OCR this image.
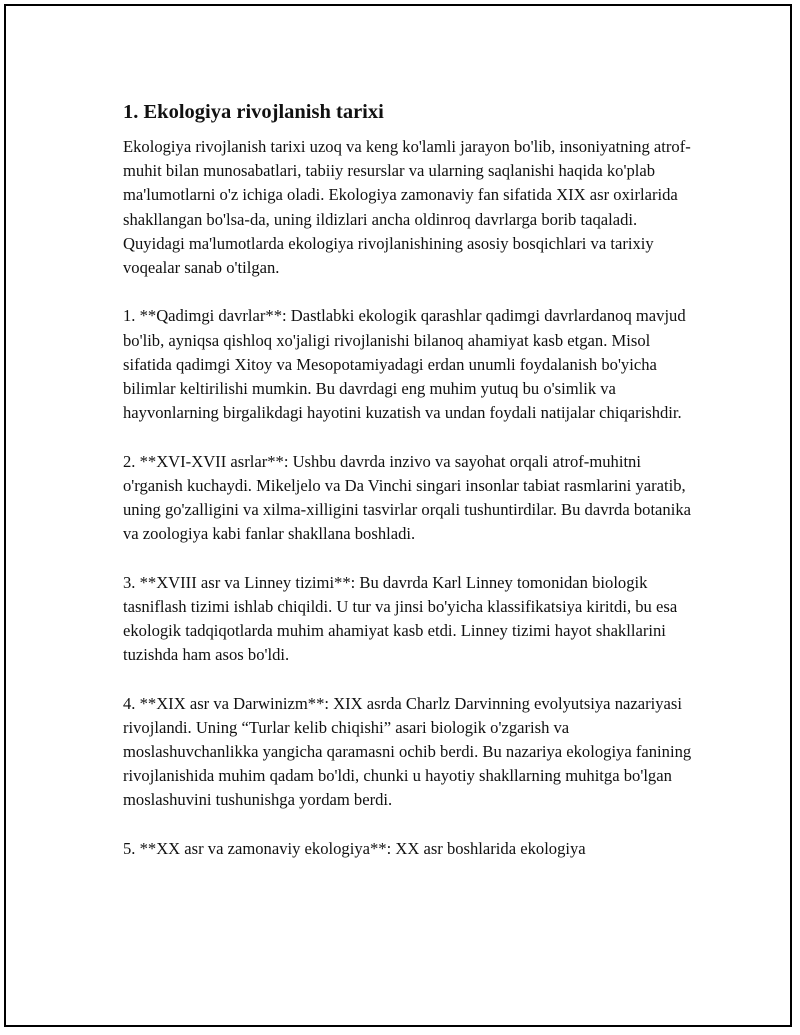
1. Ekologiya rivojlanish tarixi

Ekologiya rivojlanish tarixi uzoq va keng ko'lamli jarayon bo'lib, insoniyatning atrof-muhit bilan munosabatlari, tabiiy resurslar va ularning saqlanishi haqida ko'plab ma'lumotlarni o'z ichiga oladi. Ekologiya zamonaviy fan sifatida XIX asr oxirlarida shakllangan bo'lsa-da, uning ildizlari ancha oldinroq davrlarga borib taqaladi. Quyidagi ma'lumotlarda ekologiya rivojlanishining asosiy bosqichlari va tarixiy voqealar sanab o'tilgan.

1. **Qadimgi davrlar**: Dastlabki ekologik qarashlar qadimgi davrlardanoq mavjud bo'lib, ayniqsa qishloq xo'jaligi rivojlanishi bilanoq ahamiyat kasb etgan. Misol sifatida qadimgi Xitoy va Mesopotamiyadagi erdan unumli foydalanish bo'yicha bilimlar keltirilishi mumkin. Bu davrdagi eng muhim yutuq bu o'simlik va hayvonlarning birgalikdagi hayotini kuzatish va undan foydali natijalar chiqarishdir.

2. **XVI-XVII asrlar**: Ushbu davrda inzivo va sayohat orqali atrof-muhitni o'rganish kuchaydi. Mikeljelo va Da Vinchi singari insonlar tabiat rasmlarini yaratib, uning go'zalligini va xilma-xilligini tasvirlar orqali tushuntirdilar. Bu davrda botanika va zoologiya kabi fanlar shakllana boshladi.

3. **XVIII asr va Linney tizimi**: Bu davrda Karl Linney tomonidan biologik tasniflash tizimi ishlab chiqildi. U tur va jinsi bo'yicha klassifikatsiya kiritdi, bu esa ekologik tadqiqotlarda muhim ahamiyat kasb etdi. Linney tizimi hayot shakllarini tuzishda ham asos bo'ldi.

4. **XIX asr va Darwinizm**: XIX asrda Charlz Darvinning evolyutsiya nazariyasi rivojlandi. Uning “Turlar kelib chiqishi” asari biologik o'zgarish va moslashuvchanlikka yangicha qaramasni ochib berdi. Bu nazariya ekologiya fanining rivojlanishida muhim qadam bo'ldi, chunki u hayotiy shakllarning muhitga bo'lgan moslashuvini tushunishga yordam berdi.

5. **XX asr va zamonaviy ekologiya**: XX asr boshlarida ekologiya
